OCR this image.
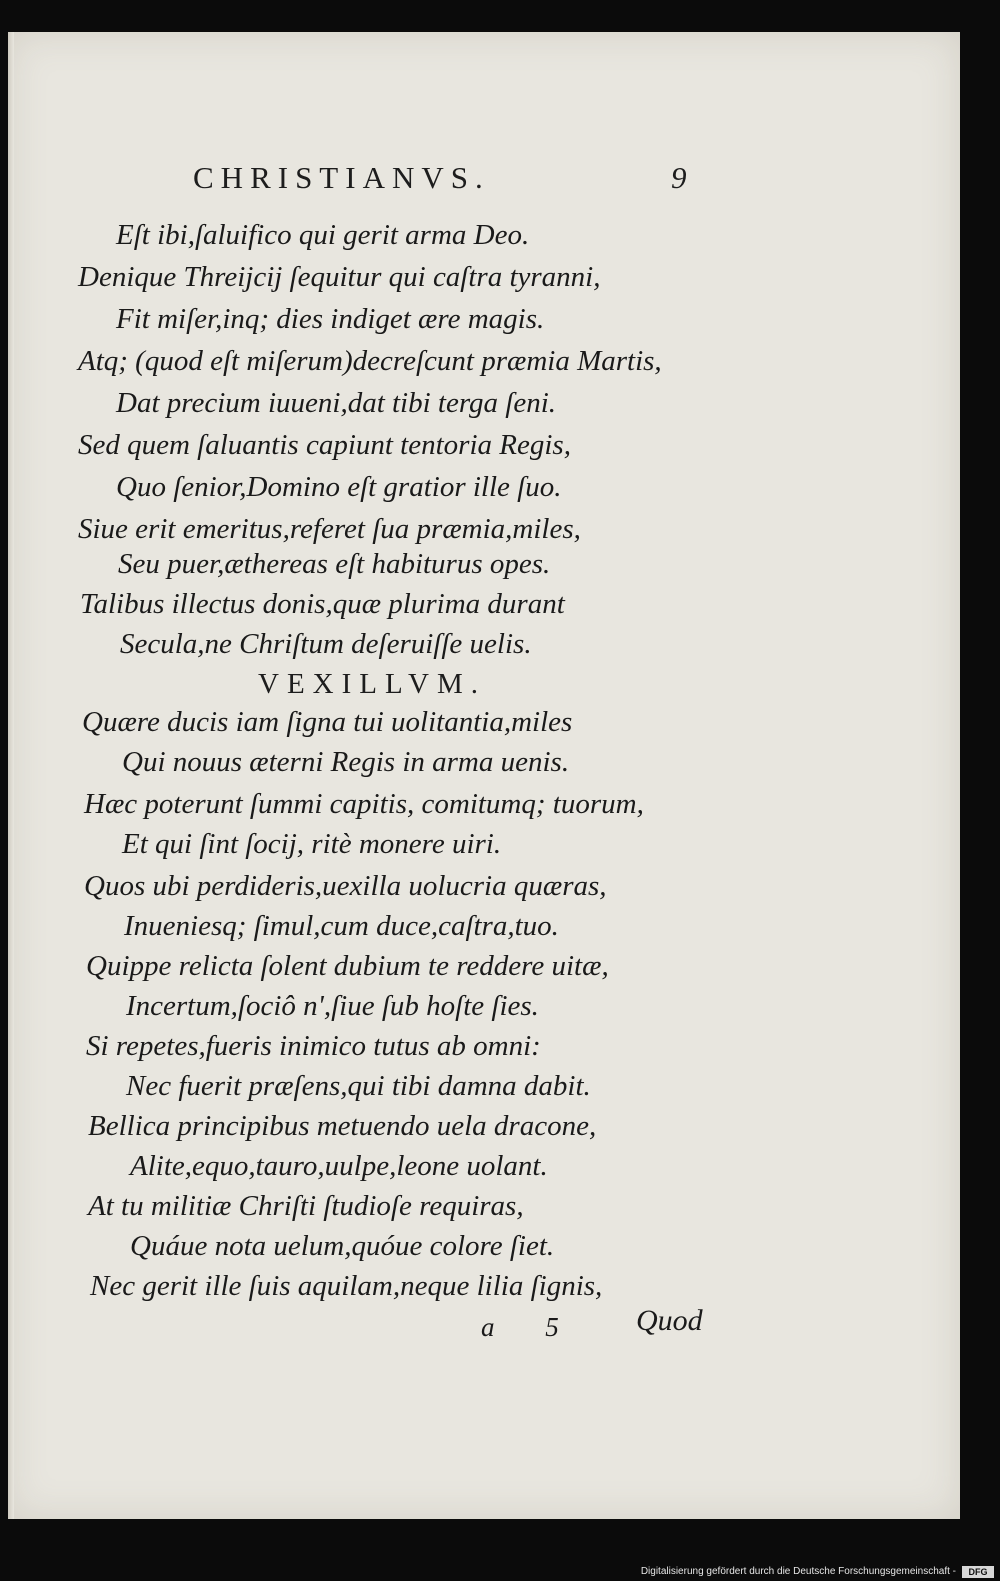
CHRISTIANVS.	9
Eſt ibi,ſaluifico qui gerit arma Deo.
Denique Threijcij ſequitur qui caſtra tyranni,
Fit miſer,inq; dies indiget ære magis.
Atq; (quod eſt miſerum)decreſcunt præmia Martis,
Dat precium iuueni,dat tibi terga ſeni.
Sed quem ſaluantis capiunt tentoria Regis,
Quo ſenior,Domino eſt gratior ille ſuo.
Siue erit emeritus,referet ſua præmia,miles,
Seu puer,æthereas eſt habiturus opes.
Talibus illectus donis,quæ plurima durant
Secula,ne Chriſtum deſeruiſſe uelis.
VEXILLVM.
Quære ducis iam ſigna tui uolitantia,miles
Qui nouus æterni Regis in arma uenis.
Hæc poterunt ſummi capitis, comitumq; tuorum,
Et qui ſint ſocij, ritè monere uiri.
Quos ubi perdideris,uexilla uolucria quæras,
Inueniesq; ſimul,cum duce,caſtra,tuo.
Quippe relicta ſolent dubium te reddere uitæ,
Incertum,ſociô n',ſiue ſub hoſte ſies.
Si repetes,fueris inimico tutus ab omni:
Nec fuerit præſens,qui tibi damna dabit.
Bellica principibus metuendo uela dracone,
Alite,equo,tauro,uulpe,leone uolant.
At tu militiæ Chriſti ſtudioſe requiras,
Quáue nota uelum,quóue colore ſiet.
Nec gerit ille ſuis aquilam,neque lilia ſignis,
a 5 Quod
Digitalisierung gefördert durch die Deutsche Forschungsgemeinschaft -	DFG
